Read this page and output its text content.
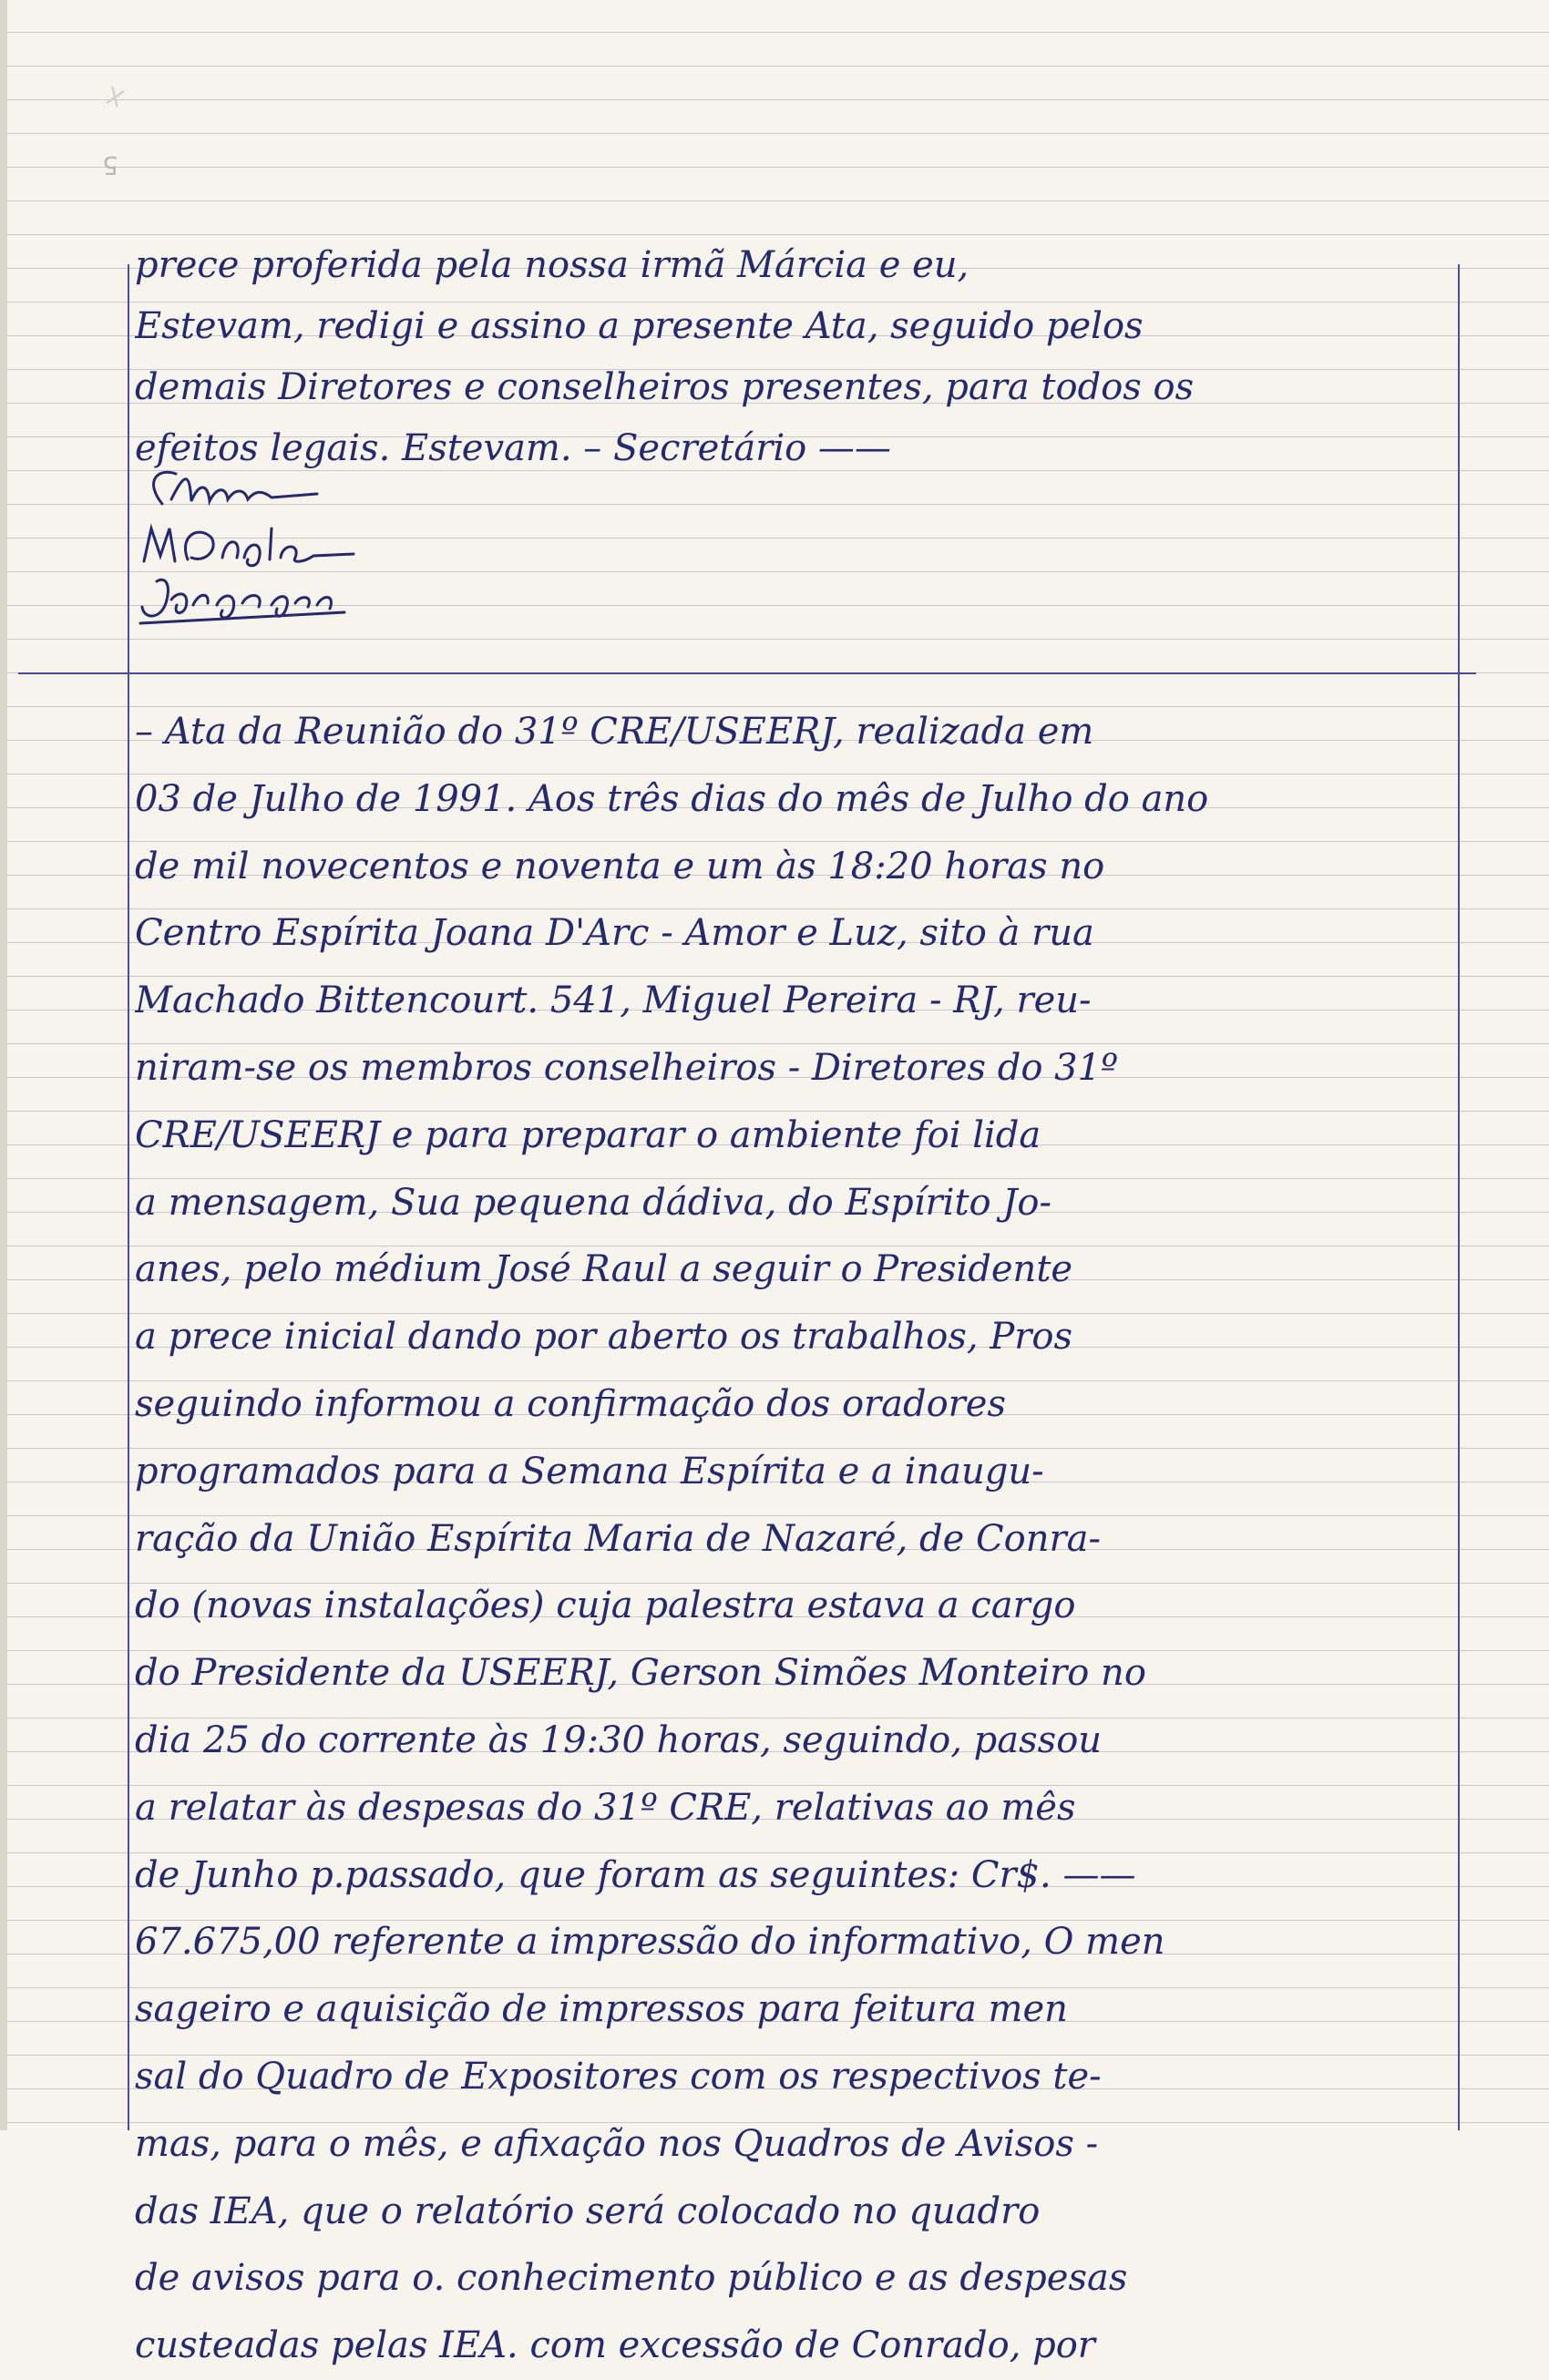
X
5
prece proferida pela nossa irmã Márcia e eu,
Estevam, redigi e assino a presente Ata, seguido pelos
demais Diretores e conselheiros presentes, para todos os
efeitos legais. Estevam. – Secretário ——
– Ata da Reunião do 31º CRE/USEERJ, realizada em
03 de Julho de 1991. Aos três dias do mês de Julho do ano
de mil novecentos e noventa e um às 18:20 horas no
Centro Espírita Joana D'Arc - Amor e Luz, sito à rua
Machado Bittencourt. 541, Miguel Pereira - RJ, reu-
niram-se os membros conselheiros - Diretores do 31º
CRE/USEERJ e para preparar o ambiente foi lida
a mensagem, Sua pequena dádiva, do Espírito Jo-
anes, pelo médium José Raul a seguir o Presidente
a prece inicial dando por aberto os trabalhos, Pros
seguindo informou a confirmação dos oradores
programados para a Semana Espírita e a inaugu-
ração da União Espírita Maria de Nazaré, de Conra-
do (novas instalações) cuja palestra estava a cargo
do Presidente da USEERJ, Gerson Simões Monteiro no
dia 25 do corrente às 19:30 horas, seguindo, passou
a relatar às despesas do 31º CRE, relativas ao mês
de Junho p.passado, que foram as seguintes: Cr$. ——
67.675,00 referente a impressão do informativo, O men
sageiro e aquisição de impressos para feitura men
sal do Quadro de Expositores com os respectivos te-
mas, para o mês, e afixação nos Quadros de Avisos -
das IEA, que o relatório será colocado no quadro
de avisos para o. conhecimento público e as despesas
custeadas pelas IEA. com excessão de Conrado, por
